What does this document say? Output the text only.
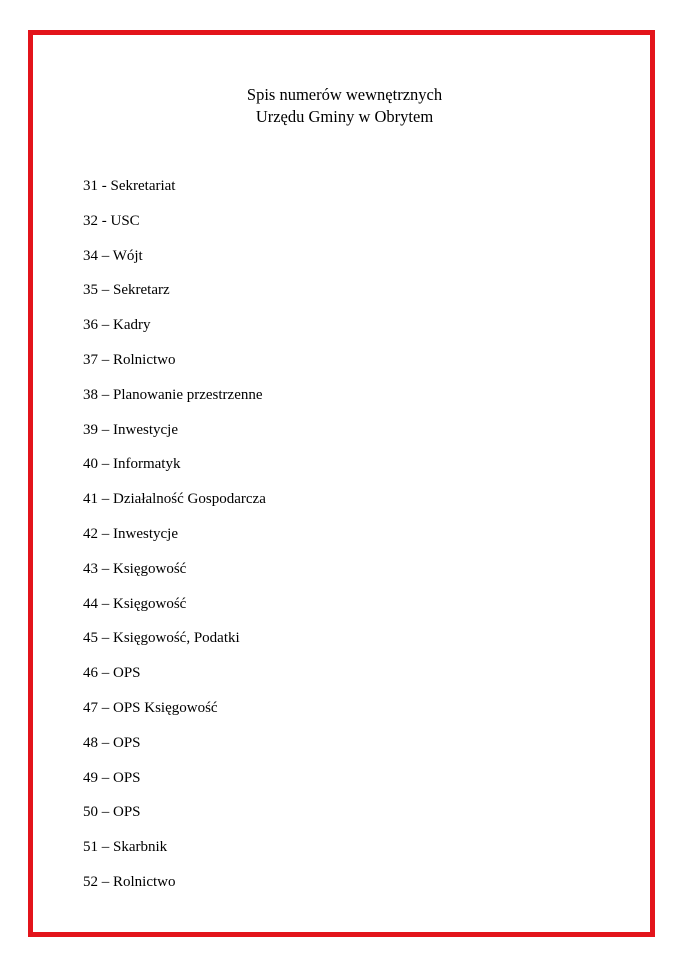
Spis numerów wewnętrznych
Urzędu Gminy w Obrytem
31 - Sekretariat
32 - USC
34 – Wójt
35 – Sekretarz
36 – Kadry
37 – Rolnictwo
38 – Planowanie przestrzenne
39 – Inwestycje
40 – Informatyk
41 – Działalność Gospodarcza
42 – Inwestycje
43 – Księgowość
44 – Księgowość
45 – Księgowość, Podatki
46 – OPS
47 – OPS Księgowość
48 – OPS
49 – OPS
50 – OPS
51 – Skarbnik
52 – Rolnictwo
